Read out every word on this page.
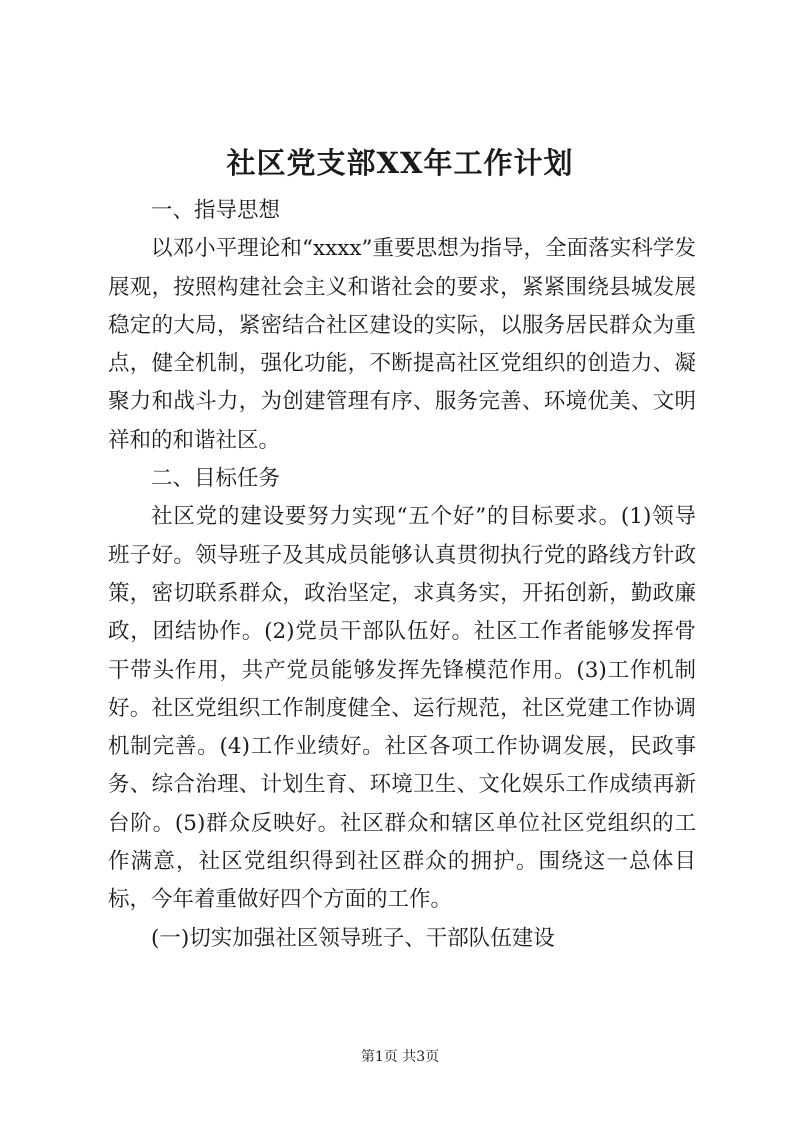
社区党支部XX年工作计划

一、指导思想

以邓小平理论和“xxxx”重要思想为指导，全面落实科学发展观，按照构建社会主义和谐社会的要求，紧紧围绕县城发展稳定的大局，紧密结合社区建设的实际，以服务居民群众为重点，健全机制，强化功能，不断提高社区党组织的创造力、凝聚力和战斗力，为创建管理有序、服务完善、环境优美、文明祥和的和谐社区。

二、目标任务

社区党的建设要努力实现“五个好”的目标要求。(1)领导班子好。领导班子及其成员能够认真贯彻执行党的路线方针政策，密切联系群众，政治坚定，求真务实，开拓创新，勤政廉政，团结协作。(2)党员干部队伍好。社区工作者能够发挥骨干带头作用，共产党员能够发挥先锋模范作用。(3)工作机制好。社区党组织工作制度健全、运行规范，社区党建工作协调机制完善。(4)工作业绩好。社区各项工作协调发展，民政事务、综合治理、计划生育、环境卫生、文化娱乐工作成绩再新台阶。(5)群众反映好。社区群众和辖区单位社区党组织的工作满意，社区党组织得到社区群众的拥护。围绕这一总体目标，今年着重做好四个方面的工作。

(一)切实加强社区领导班子、干部队伍建设

第1页 共3页
